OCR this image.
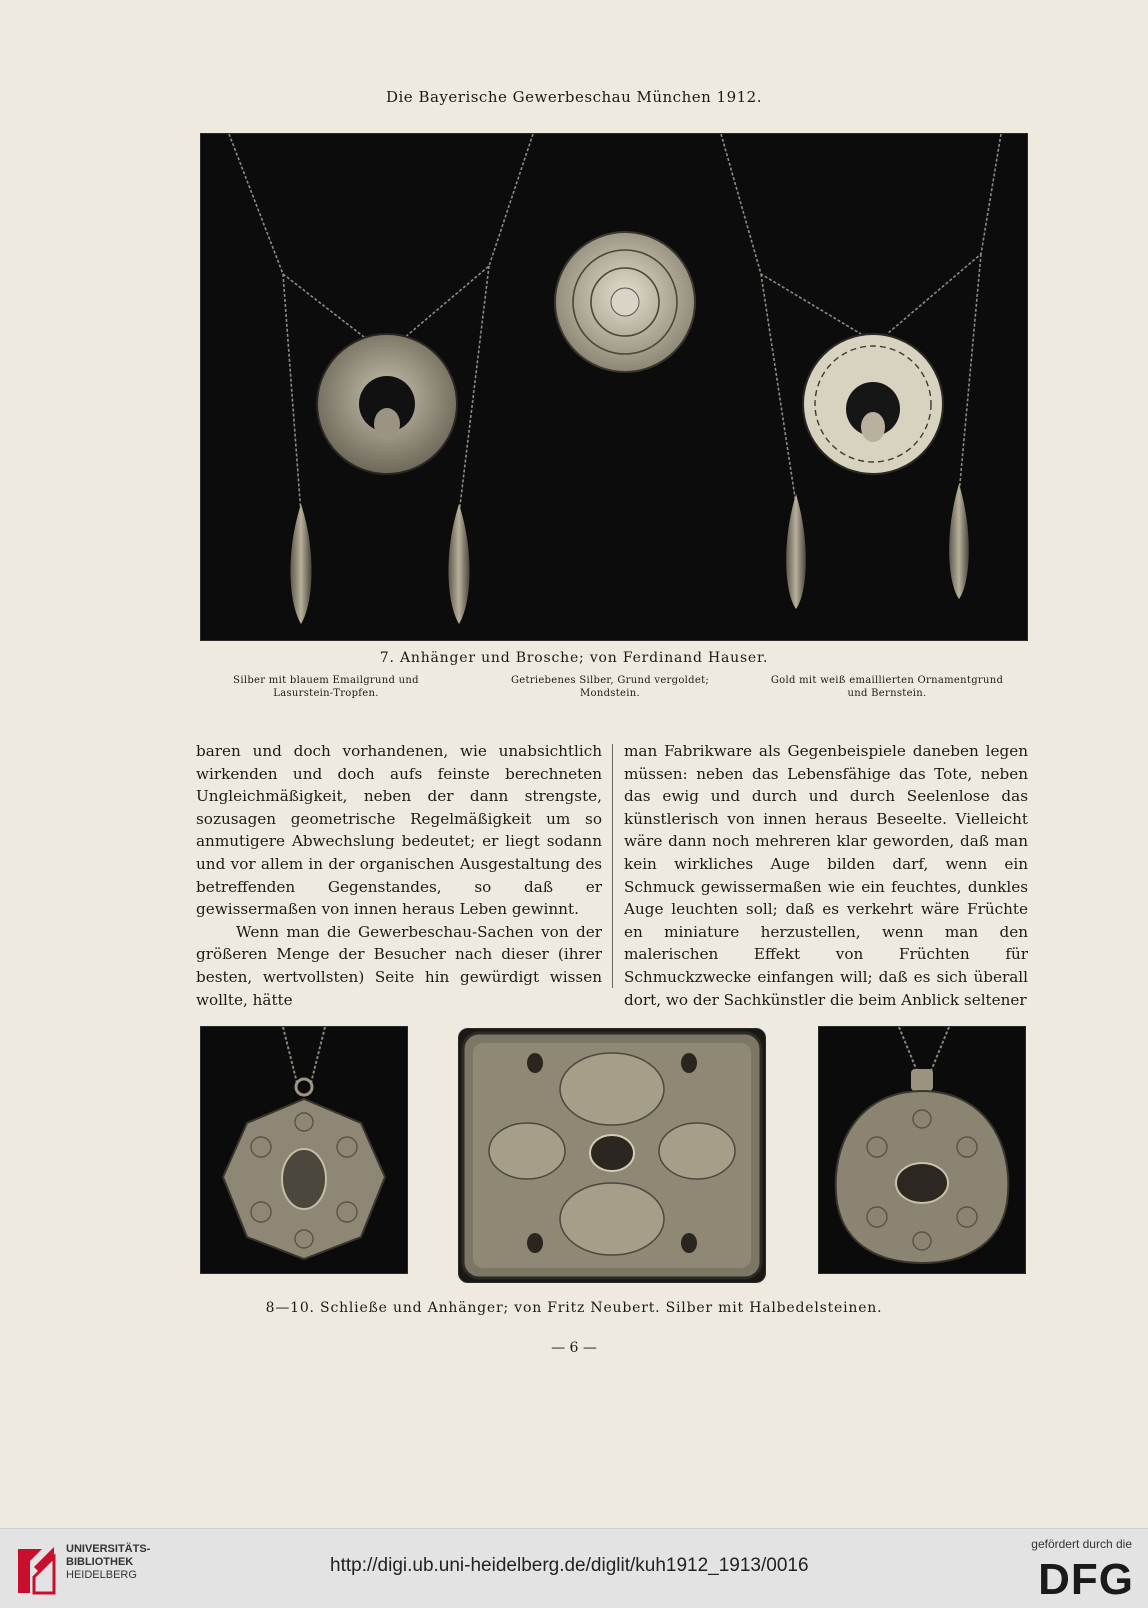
Die Bayerische Gewerbeschau München 1912.
7. Anhänger und Brosche; von Ferdinand Hauser.
Silber mit blauem Emailgrund und
Lasurstein-Tropfen.
Getriebenes Silber, Grund vergoldet;
Mondstein.
Gold mit weiß emaillierten Ornamentgrund
und Bernstein.

baren und doch vorhandenen, wie unabsichtlich wirkenden und doch aufs feinste berechneten Ungleichmäßigkeit, neben der dann strengste, sozusagen geometrische Regelmäßigkeit um so anmutigere Abwechslung bedeutet; er liegt sodann und vor allem in der organischen Ausgestaltung des betreffenden Gegenstandes, so daß er gewissermaßen von innen heraus Leben gewinnt.

Wenn man die Gewerbeschau-Sachen von der größeren Menge der Besucher nach dieser (ihrer besten, wertvollsten) Seite hin gewürdigt wissen wollte, hätte

man Fabrikware als Gegenbeispiele daneben legen müssen: neben das Lebensfähige das Tote, neben das ewig und durch und durch Seelenlose das künstlerisch von innen heraus Beseelte. Vielleicht wäre dann noch mehreren klar geworden, daß man kein wirkliches Auge bilden darf, wenn ein Schmuck gewissermaßen wie ein feuchtes, dunkles Auge leuchten soll; daß es verkehrt wäre Früchte en miniature herzustellen, wenn man den malerischen Effekt von Früchten für Schmuckzwecke einfangen will; daß es sich überall dort, wo der Sachkünstler die beim Anblick seltener

8—10. Schließe und Anhänger; von Fritz Neubert. Silber mit Halbedelsteinen.
— 6 —
UNIVERSITÄTS-
BIBLIOTHEK
HEIDELBERG	http://digi.ub.uni-heidelberg.de/diglit/kuh1912_1913/0016
gefördert durch die
DFG
